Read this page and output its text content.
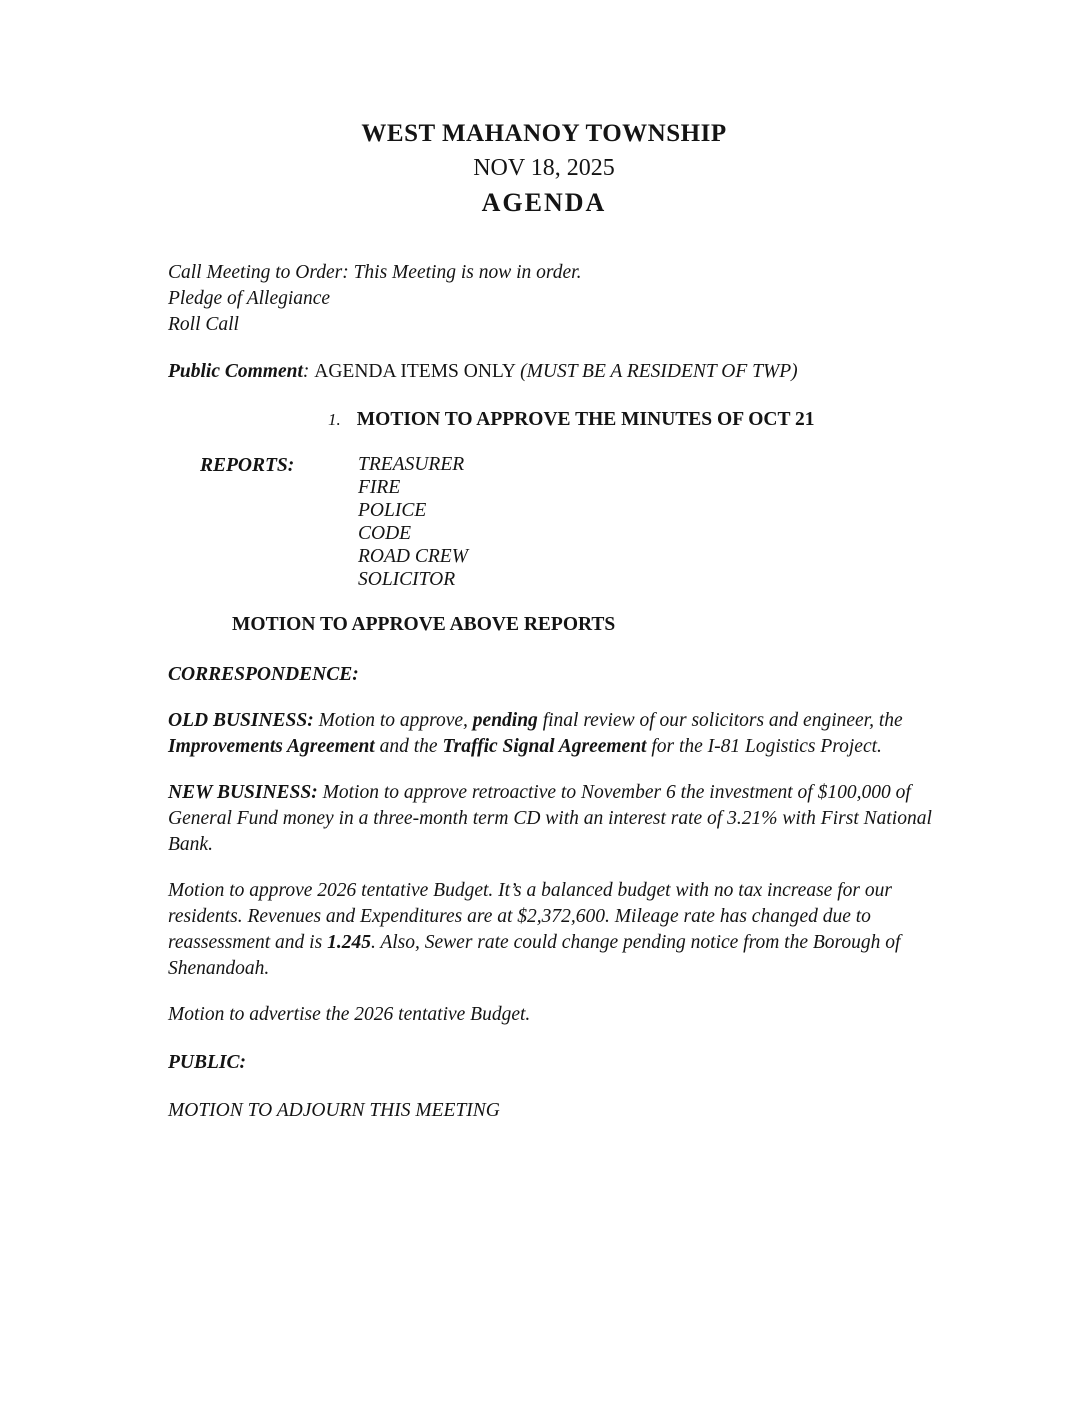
WEST MAHANOY TOWNSHIP
NOV 18, 2025
AGENDA
Call Meeting to Order: This Meeting is now in order.
Pledge of Allegiance
Roll Call
Public Comment: AGENDA ITEMS ONLY (MUST BE A RESIDENT OF TWP)
1. MOTION TO APPROVE THE MINUTES OF OCT 21
REPORTS:	TREASURER
FIRE
POLICE
CODE
ROAD CREW
SOLICITOR
MOTION TO APPROVE ABOVE REPORTS
CORRESPONDENCE:
OLD BUSINESS: Motion to approve, pending final review of our solicitors and engineer, the Improvements Agreement and the Traffic Signal Agreement for the I-81 Logistics Project.
NEW BUSINESS: Motion to approve retroactive to November 6 the investment of $100,000 of General Fund money in a three-month term CD with an interest rate of 3.21% with First National Bank.
Motion to approve 2026 tentative Budget. It’s a balanced budget with no tax increase for our residents. Revenues and Expenditures are at $2,372,600. Mileage rate has changed due to reassessment and is 1.245. Also, Sewer rate could change pending notice from the Borough of Shenandoah.
Motion to advertise the 2026 tentative Budget.
PUBLIC:
MOTION TO ADJOURN THIS MEETING
